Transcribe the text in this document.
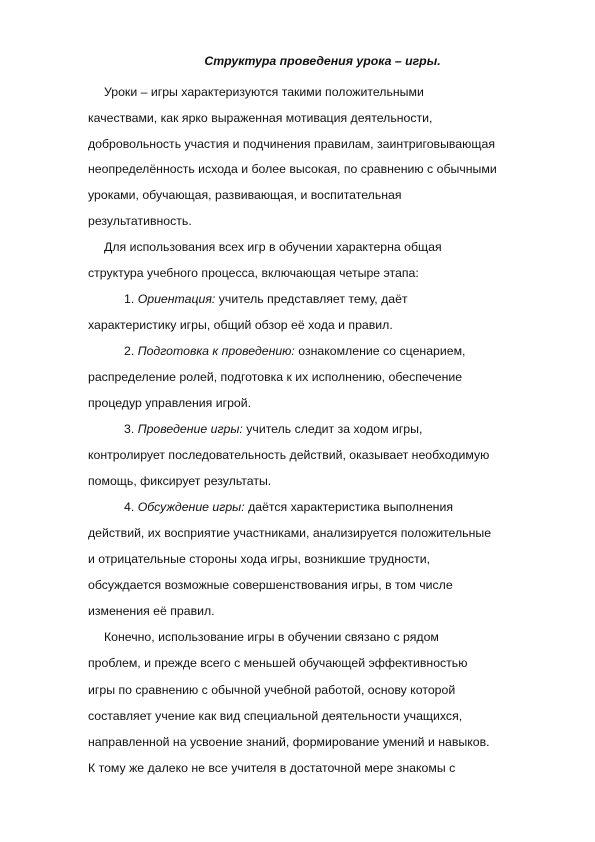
Структура проведения урока – игры.
Уроки – игры характеризуются такими положительными
качествами, как ярко выраженная мотивация деятельности,
добровольность участия и подчинения правилам, заинтриговывающая
неопределённость исхода и более высокая, по сравнению с обычными
уроками, обучающая, развивающая, и воспитательная
результативность.
Для использования всех игр в обучении характерна общая
структура учебного процесса, включающая четыре этапа:
1. Ориентация: учитель представляет тему, даёт
характеристику игры, общий обзор её хода и правил.
2. Подготовка к проведению: ознакомление со сценарием,
распределение ролей, подготовка к их исполнению, обеспечение
процедур управления игрой.
3. Проведение игры: учитель следит за ходом игры,
контролирует последовательность действий, оказывает необходимую
помощь, фиксирует результаты.
4. Обсуждение игры: даётся характеристика выполнения
действий, их восприятие участниками, анализируется положительные
и отрицательные стороны хода игры, возникшие трудности,
обсуждается возможные совершенствования игры, в том числе
изменения её правил.
Конечно, использование игры в обучении связано с рядом
проблем, и прежде всего с меньшей обучающей эффективностью
игры по сравнению с обычной учебной работой, основу которой
составляет учение как вид специальной деятельности учащихся,
направленной на усвоение знаний, формирование умений и навыков.
К тому же далеко не все учителя в достаточной мере знакомы с
